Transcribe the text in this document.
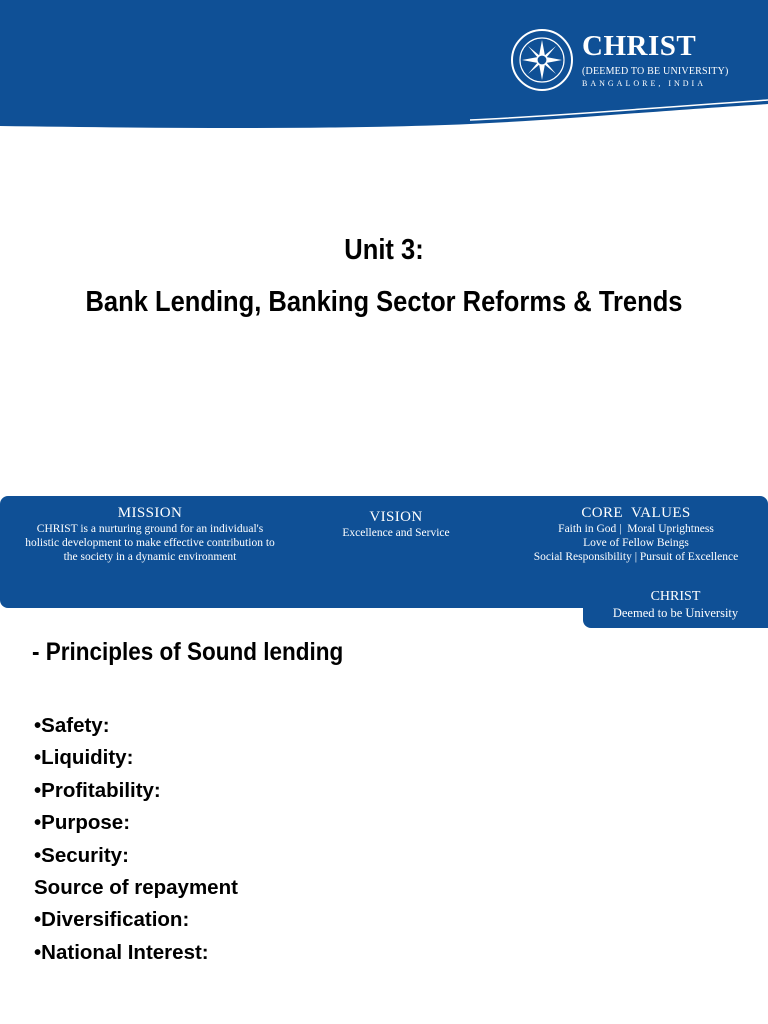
CHRIST
(DEEMED TO BE UNIVERSITY)
BANGALORE, INDIA
Unit 3:
Bank Lending, Banking Sector Reforms & Trends
MISSION
CHRIST is a nurturing ground for an individual's
holistic development to make effective contribution to
the society in a dynamic environment
VISION
Excellence and Service
CORE  VALUES
Faith in God |  Moral Uprightness
Love of Fellow Beings
Social Responsibility | Pursuit of Excellence
CHRIST
Deemed to be University
- Principles of Sound lending
•Safety:
•Liquidity:
•Profitability:
•Purpose:
•Security:
Source of repayment
•Diversification:
•National Interest:
